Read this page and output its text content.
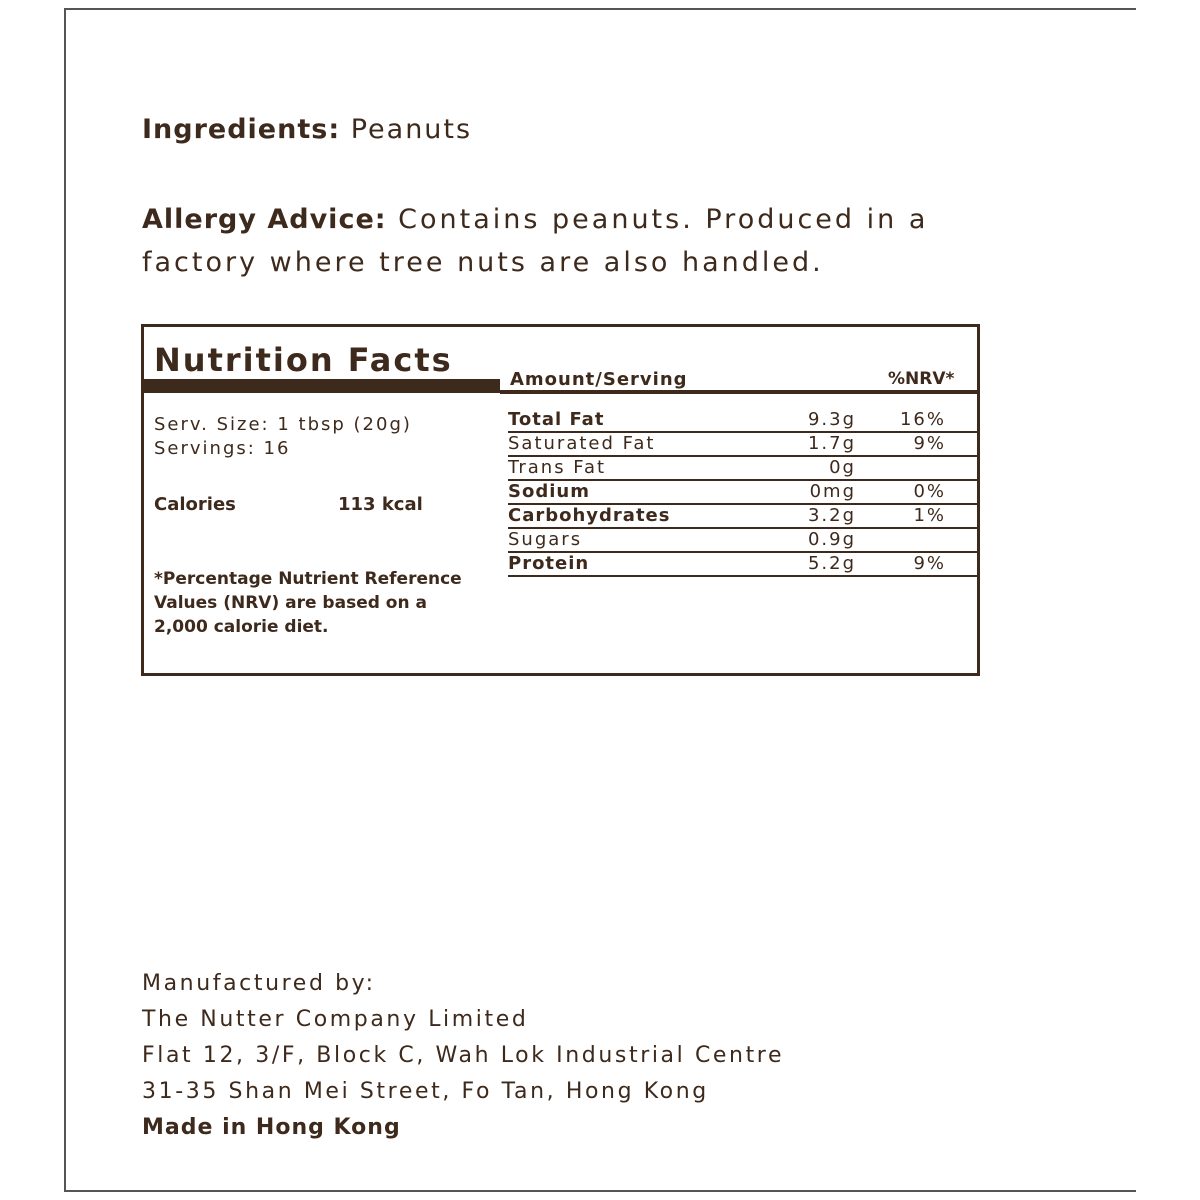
Ingredients: Peanuts
Allergy Advice: Contains peanuts. Produced in a factory where tree nuts are also handled.
Nutrition Facts
Amount/Serving	%NRV*
Serv. Size: 1 tbsp (20g)
Servings: 16
Calories	113 kcal
*Percentage Nutrient Reference Values (NRV) are based on a 2,000 calorie diet.
Total Fat	9.3g 16%
Saturated Fat	1.7g	9%
Trans Fat	0g
Sodium	0mg	0%
Carbohydrates	3.2g	1%
Sugars	0.9g
Protein	5.2g	9%
Manufactured by:
The Nutter Company Limited
Flat 12, 3/F, Block C, Wah Lok Industrial Centre
31-35 Shan Mei Street, Fo Tan, Hong Kong
Made in Hong Kong
